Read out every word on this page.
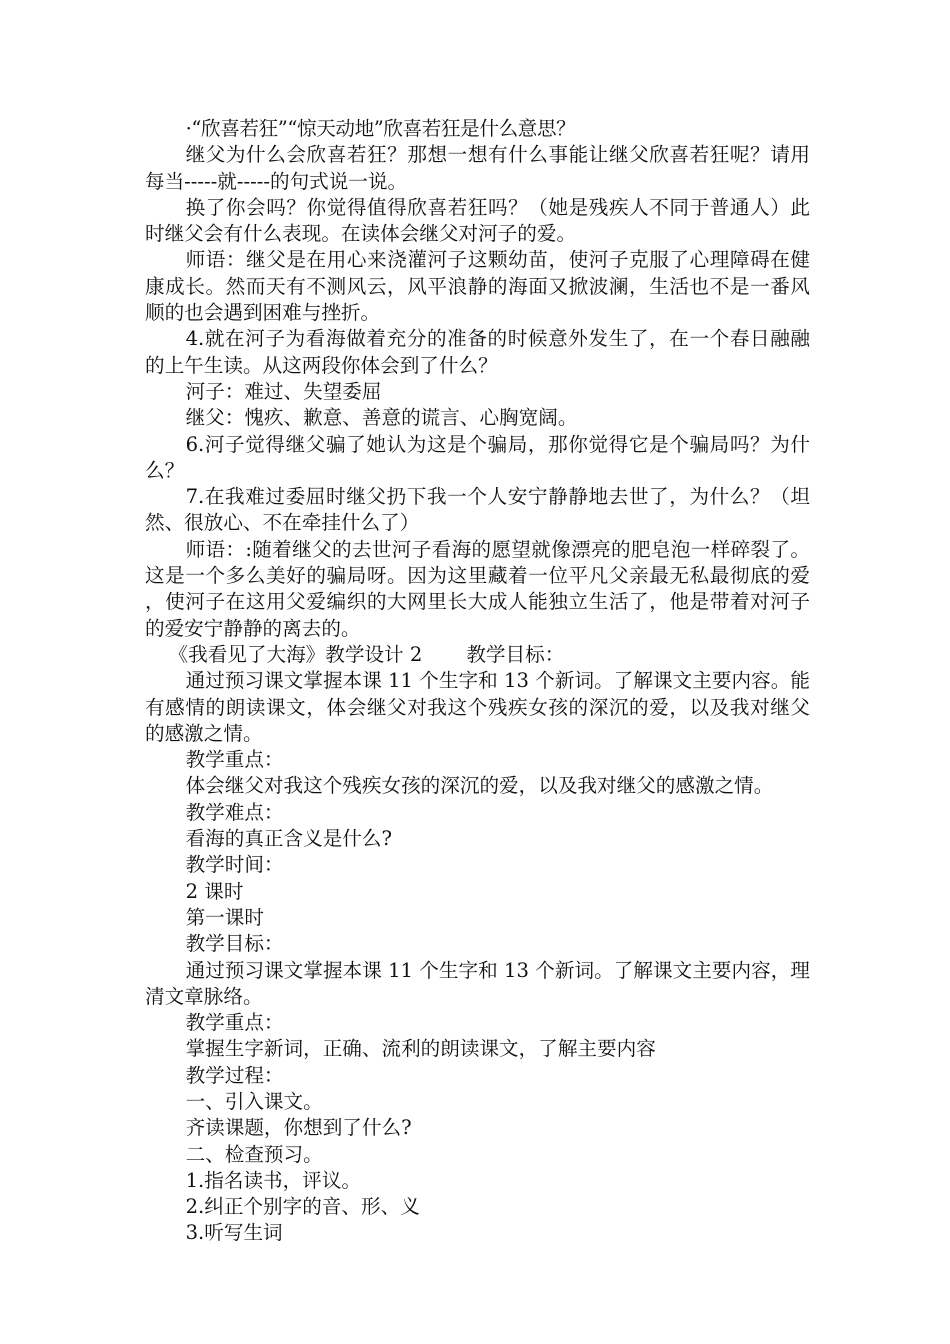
·“欣喜若狂”“惊天动地”欣喜若狂是什么意思？

继父为什么会欣喜若狂？那想一想有什么事能让继父欣喜若狂呢？请用每当-----就-----的句式说一说。

换了你会吗？你觉得值得欣喜若狂吗？（她是残疾人不同于普通人）此时继父会有什么表现。在读体会继父对河子的爱。

师语：继父是在用心来浇灌河子这颗幼苗，使河子克服了心理障碍在健康成长。然而天有不测风云，风平浪静的海面又掀波澜，生活也不是一番风顺的也会遇到困难与挫折。

4.就在河子为看海做着充分的准备的时候意外发生了，在一个春日融融的上午生读。从这两段你体会到了什么？

河子：难过、失望委屈

继父：愧疚、歉意、善意的谎言、心胸宽阔。

6.河子觉得继父骗了她认为这是个骗局，那你觉得它是个骗局吗？为什么？

7.在我难过委屈时继父扔下我一个人安宁静静地去世了，为什么？（坦然、很放心、不在牵挂什么了）

师语：:随着继父的去世河子看海的愿望就像漂亮的肥皂泡一样碎裂了。这是一个多么美好的骗局呀。因为这里藏着一位平凡父亲最无私最彻底的爱，使河子在这用父爱编织的大网里长大成人能独立生活了，他是带着对河子的爱安宁静静的离去的。

《我看见了大海》教学设计 2 教学目标：

通过预习课文掌握本课 11 个生字和 13 个新词。了解课文主要内容。能有感情的朗读课文，体会继父对我这个残疾女孩的深沉的爱，以及我对继父的感激之情。

教学重点：

体会继父对我这个残疾女孩的深沉的爱，以及我对继父的感激之情。

教学难点：

看海的真正含义是什么?

教学时间：

2 课时

第一课时

教学目标：

通过预习课文掌握本课 11 个生字和 13 个新词。了解课文主要内容，理清文章脉络。

教学重点：

掌握生字新词，正确、流利的朗读课文，了解主要内容

教学过程：

一、引入课文。

齐读课题，你想到了什么?

二、检查预习。

1.指名读书，评议。

2.纠正个别字的音、形、义

3.听写生词
